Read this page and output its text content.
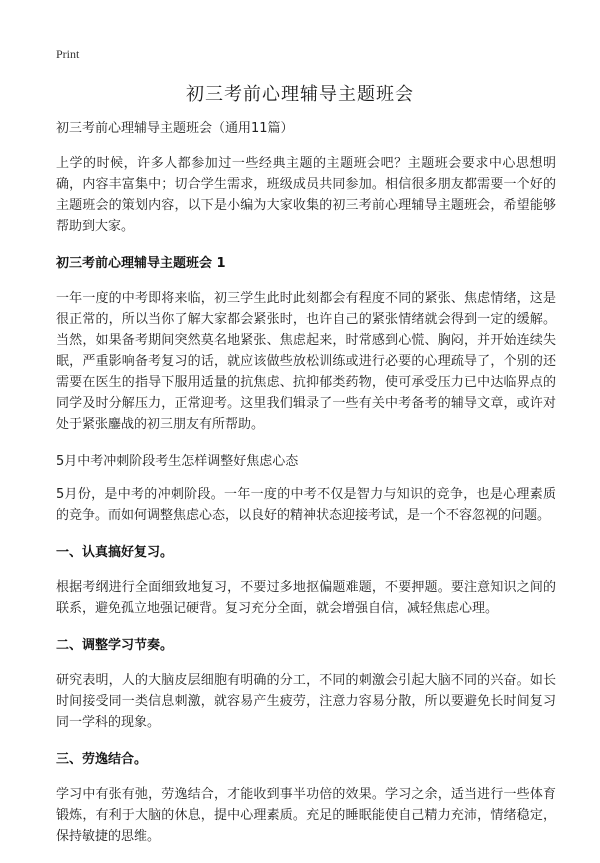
Print
初三考前心理辅导主题班会

初三考前心理辅导主题班会（通用11篇）

上学的时候，许多人都参加过一些经典主题的主题班会吧？主题班会要求中心思想明确，内容丰富集中；切合学生需求，班级成员共同参加。相信很多朋友都需要一个好的主题班会的策划内容，以下是小编为大家收集的初三考前心理辅导主题班会，希望能够帮助到大家。

初三考前心理辅导主题班会 1

一年一度的中考即将来临，初三学生此时此刻都会有程度不同的紧张、焦虑情绪，这是很正常的，所以当你了解大家都会紧张时，也许自己的紧张情绪就会得到一定的缓解。当然，如果备考期间突然莫名地紧张、焦虑起来，时常感到心慌、胸闷，并开始连续失眠，严重影响备考复习的话，就应该做些放松训练或进行必要的心理疏导了，个别的还需要在医生的指导下服用适量的抗焦虑、抗抑郁类药物，使可承受压力已中达临界点的同学及时分解压力，正常迎考。这里我们辑录了一些有关中考备考的辅导文章，或许对处于紧张鏖战的初三朋友有所帮助。

5月中考冲刺阶段考生怎样调整好焦虑心态

5月份，是中考的冲刺阶段。一年一度的中考不仅是智力与知识的竞争，也是心理素质的竞争。而如何调整焦虑心态，以良好的精神状态迎接考试，是一个不容忽视的问题。

一、认真搞好复习。

根据考纲进行全面细致地复习，不要过多地抠偏题难题，不要押题。要注意知识之间的联系，避免孤立地强记硬背。复习充分全面，就会增强自信，减轻焦虑心理。

二、调整学习节奏。

研究表明，人的大脑皮层细胞有明确的分工，不同的刺激会引起大脑不同的兴奋。如长时间接受同一类信息刺激，就容易产生疲劳，注意力容易分散，所以要避免长时间复习同一学科的现象。

三、劳逸结合。

学习中有张有弛，劳逸结合，才能收到事半功倍的效果。学习之余，适当进行一些体育锻炼，有利于大脑的休息，提中心理素质。充足的睡眠能使自己精力充沛，情绪稳定，保持敏捷的思维。
